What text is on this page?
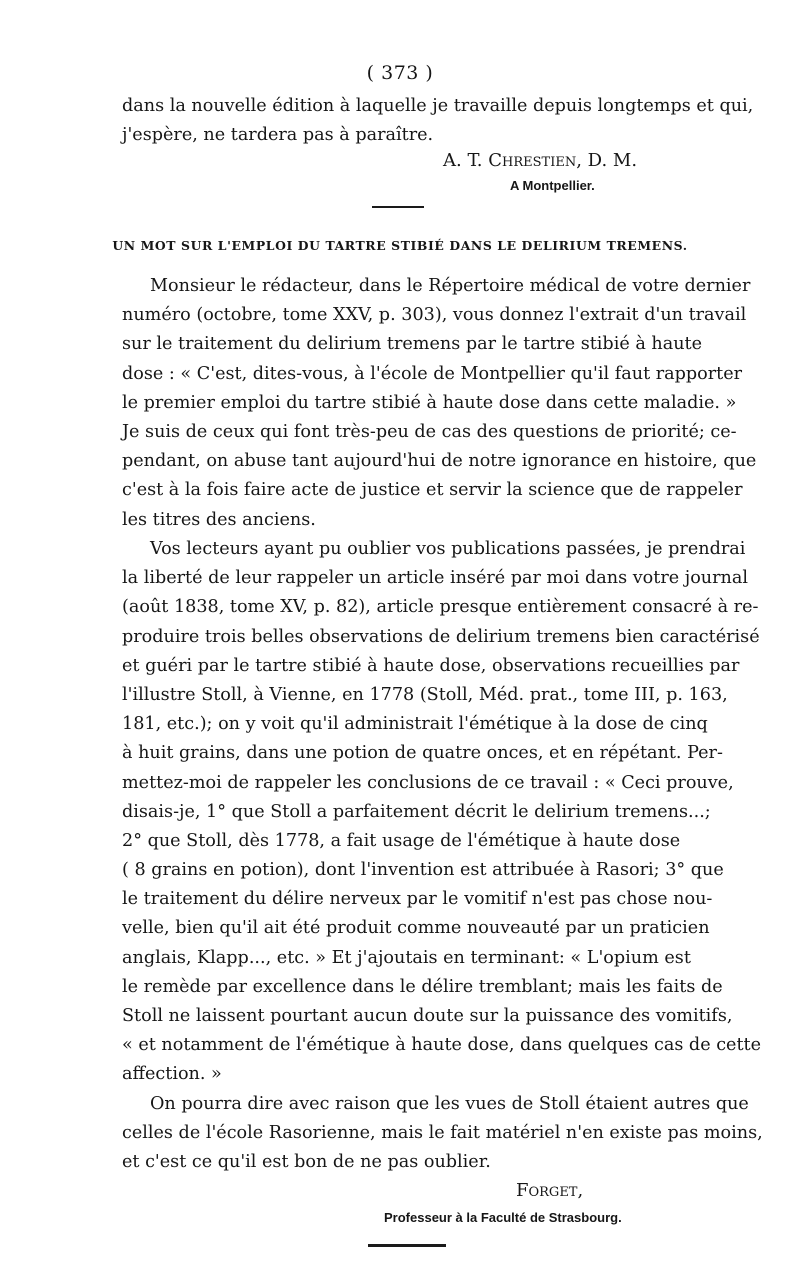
( 373 )
dans la nouvelle édition à laquelle je travaille depuis longtemps et qui,
j'espère, ne tardera pas à paraître.
A. T. Chrestien, D. M.
A Montpellier.
UN MOT SUR L'EMPLOI DU TARTRE STIBIÉ DANS LE DELIRIUM TREMENS.
Monsieur le rédacteur, dans le Répertoire médical de votre dernier
numéro (octobre, tome XXV, p. 303), vous donnez l'extrait d'un travail
sur le traitement du delirium tremens par le tartre stibié à haute
dose : « C'est, dites-vous, à l'école de Montpellier qu'il faut rapporter
le premier emploi du tartre stibié à haute dose dans cette maladie. »
Je suis de ceux qui font très-peu de cas des questions de priorité; ce-
pendant, on abuse tant aujourd'hui de notre ignorance en histoire, que
c'est à la fois faire acte de justice et servir la science que de rappeler
les titres des anciens.
Vos lecteurs ayant pu oublier vos publications passées, je prendrai
la liberté de leur rappeler un article inséré par moi dans votre journal
(août 1838, tome XV, p. 82), article presque entièrement consacré à re-
produire trois belles observations de delirium tremens bien caractérisé
et guéri par le tartre stibié à haute dose, observations recueillies par
l'illustre Stoll, à Vienne, en 1778 (Stoll, Méd. prat., tome III, p. 163,
181, etc.); on y voit qu'il administrait l'émétique à la dose de cinq
à huit grains, dans une potion de quatre onces, et en répétant. Per-
mettez-moi de rappeler les conclusions de ce travail : « Ceci prouve,
disais-je, 1° que Stoll a parfaitement décrit le delirium tremens...;
2° que Stoll, dès 1778, a fait usage de l'émétique à haute dose
( 8 grains en potion), dont l'invention est attribuée à Rasori; 3° que
le traitement du délire nerveux par le vomitif n'est pas chose nou-
velle, bien qu'il ait été produit comme nouveauté par un praticien
anglais, Klapp..., etc. » Et j'ajoutais en terminant: « L'opium est
le remède par excellence dans le délire tremblant; mais les faits de
Stoll ne laissent pourtant aucun doute sur la puissance des vomitifs,
« et notamment de l'émétique à haute dose, dans quelques cas de cette
affection. »
On pourra dire avec raison que les vues de Stoll étaient autres que
celles de l'école Rasorienne, mais le fait matériel n'en existe pas moins,
et c'est ce qu'il est bon de ne pas oublier.
Forget,
Professeur à la Faculté de Strasbourg.
